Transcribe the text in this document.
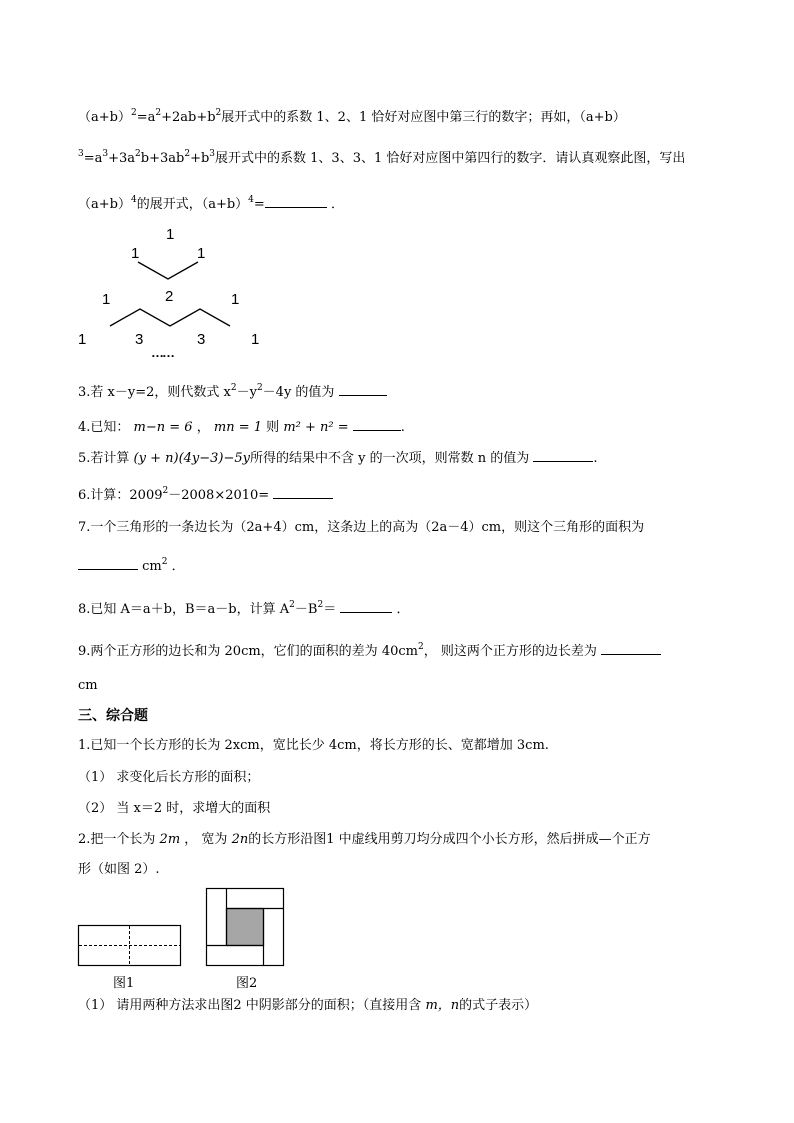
$(a+b)^2=a^2+2ab+b^2$展开式中的系数 1、2、1 恰好对应图中第三行的数字；再如，（a+b）
$^3=a^3+3a^2b+3ab^2+b^3$展开式中的系数 1、3、3、1 恰好对应图中第四行的数字．请认真观察此图，写出
$(a+b)^4$的展开式，$(a+b)^4=$	．
1
1	1
1	2	1
1	3	3	1
……
3.若 x－y=2，则代数式 $x^2-y^2-4y$ 的值为
4.已知： m−n = 6 ， mn = 1 则 m² + n² =	.
5.若计算 (y + n)(4y−3)−5y所得的结果中不含 y 的一次项，则常数 n 的值为	.
6.计算：$2009^2-2008\times 2010=$
7.一个三角形的一条边长为（2a+4）cm，这条边上的高为（2a－4）cm，则这个三角形的面积为
$cm^2$ ．
8.已知 A＝a＋b，B＝a－b，计算 $A^2-B^2=$	．
9.两个正方形的边长和为 20cm，它们的面积的差为 $40cm^2$， 则这两个正方形的边长差为
cm
三、综合题
1.已知一个长方形的长为 2xcm，宽比长少 4cm，将长方形的长、宽都增加 3cm.
（1） 求变化后长方形的面积；
（2） 当 x＝2 时，求增大的面积
2.把一个长为 2m ， 宽为 2n的长方形沿图1 中虚线用剪刀均分成四个小长方形，然后拼成—个正方
形（如图 2）.
图1	图2
（1） 请用两种方法求出图2 中阴影部分的面积；（直接用含 m，n的式子表示）
